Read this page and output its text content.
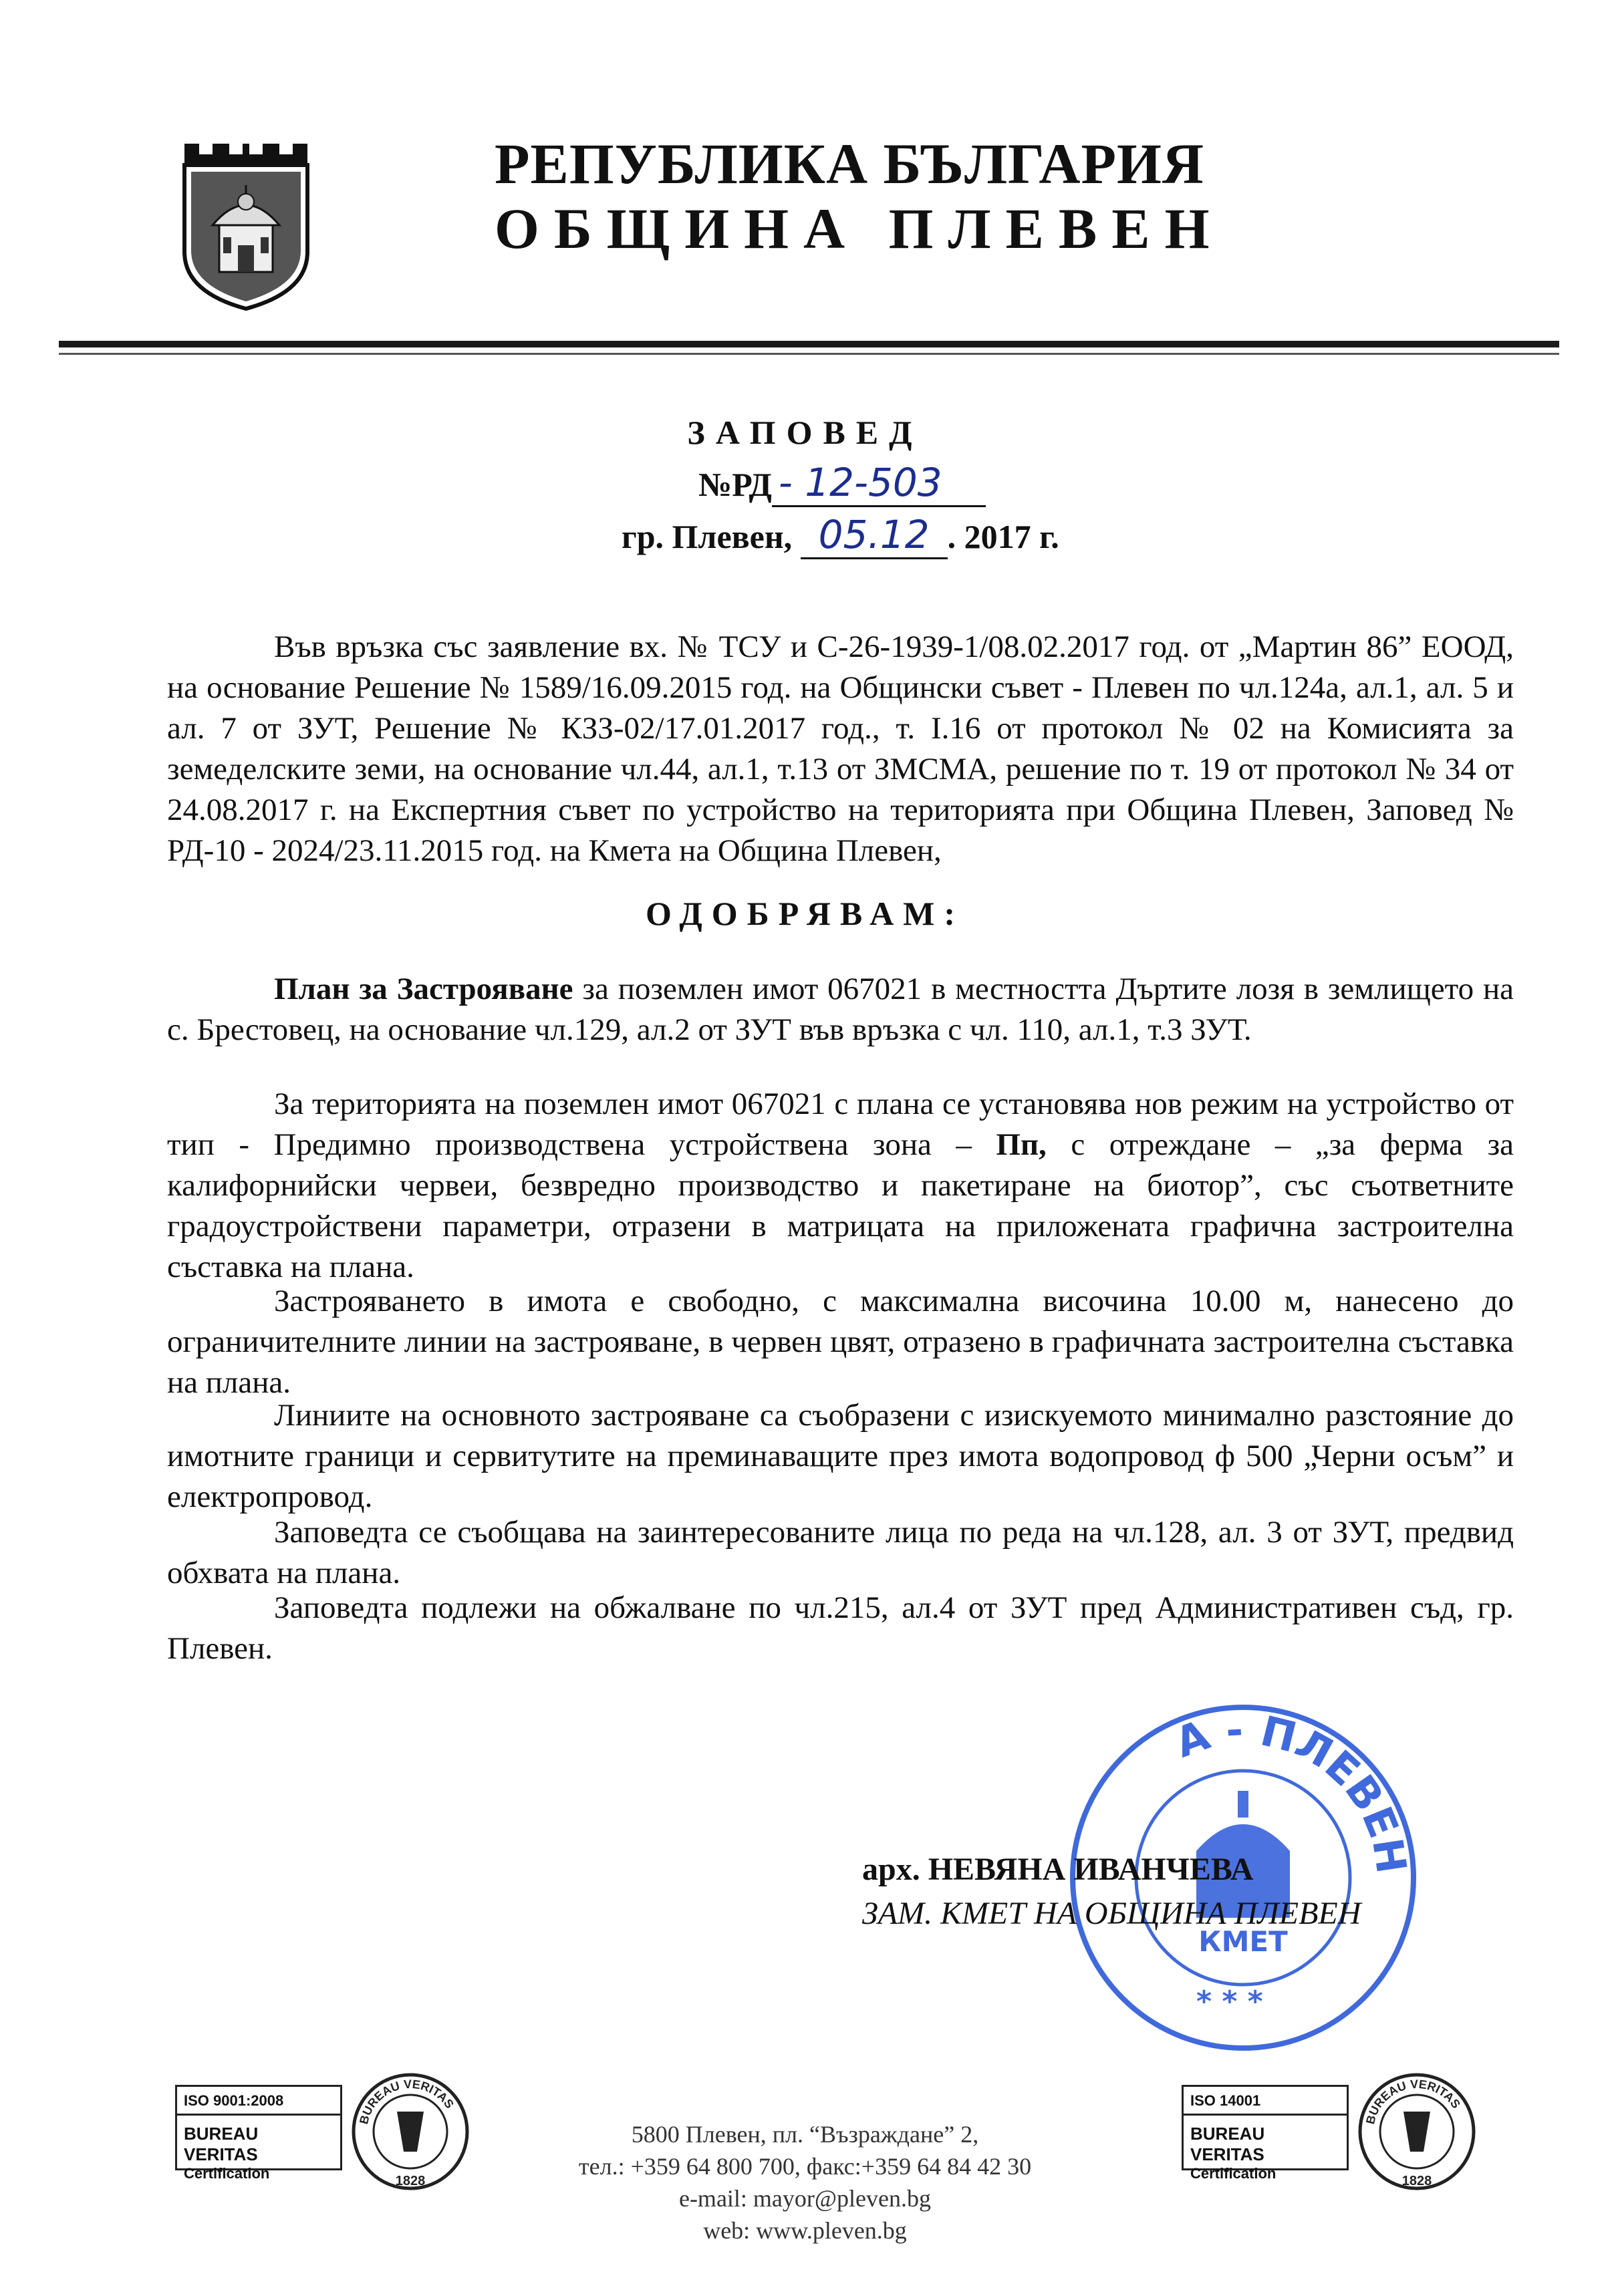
РЕПУБЛИКА БЪЛГАРИЯ
ОБЩИНА ПЛЕВЕН
ЗАПОВЕД
№РД - 12-503
гр. Плевен, 05.12 . 2017 г.
Във връзка със заявление вх. № ТСУ и С-26-1939-1/08.02.2017 год. от „Мартин 86” ЕООД, на основание Решение № 1589/16.09.2015 год. на Общински съвет - Плевен по чл.124а, ал.1, ал. 5 и ал. 7 от ЗУТ, Решение № КЗЗ-02/17.01.2017 год., т. I.16 от протокол № 02 на Комисията за земеделските земи, на основание чл.44, ал.1, т.13 от ЗМСМА, решение по т. 19 от протокол № 34 от 24.08.2017 г. на Експертния съвет по устройство на територията при Община Плевен, Заповед № РД-10 - 2024/23.11.2015 год. на Кмета на Община Плевен,
ОДОБРЯВАМ:
План за Застрояване за поземлен имот 067021 в местността Дъртите лозя в землището на с. Брестовец, на основание чл.129, ал.2 от ЗУТ във връзка с чл. 110, ал.1, т.3 ЗУТ.
За територията на поземлен имот 067021 с плана се установява нов режим на устройство от тип - Предимно производствена устройствена зона – Пп, с отреждане – „за ферма за калифорнийски червеи, безвредно производство и пакетиране на биотор”, със съответните градоустройствени параметри, отразени в матрицата на приложената графична застроителна съставка на плана.
Застрояването в имота е свободно, с максимална височина 10.00 м, нанесено до ограничителните линии на застрояване, в червен цвят, отразено в графичната застроителна съставка на плана.
Линиите на основното застрояване са съобразени с изискуемото минимално разстояние до имотните граници и сервитутите на преминаващите през имота водопровод ф 500 „Черни осъм” и електропровод.
Заповедта се съобщава на заинтересованите лица по реда на чл.128, ал. 3 от ЗУТ, предвид обхвата на плана.
Заповедта подлежи на обжалване по чл.215, ал.4 от ЗУТ пред Административен съд, гр. Плевен.
А - ПЛЕВЕН
КМЕТ
* * *
арх. НЕВЯНА ИВАНЧЕВА
ЗАМ. КМЕТ НА ОБЩИНА ПЛЕВЕН
ISO 9001:2008
BUREAU VERITAS
Certification
BUREAU VERITAS
1828
ISO 14001
BUREAU VERITAS
Certification
BUREAU VERITAS
1828
5800 Плевен, пл. “Възраждане” 2,
тел.: +359 64 800 700, факс:+359 64 84 42 30
e-mail: mayor@pleven.bg
web: www.pleven.bg
